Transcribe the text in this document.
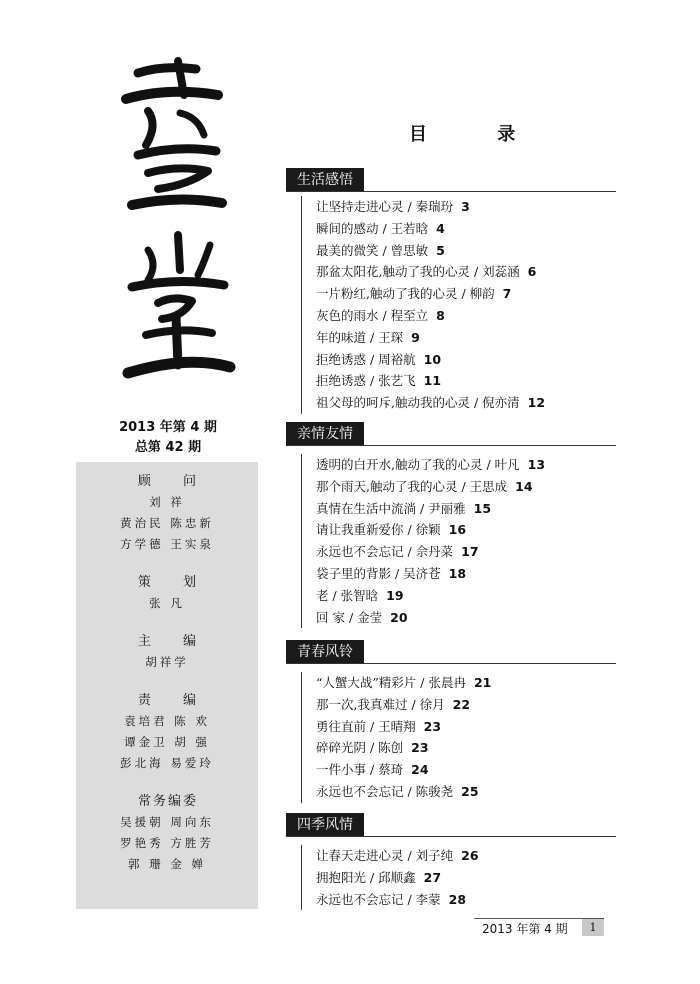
2013 年第 4 期
总第 42 期
顾 问
刘 祥
黄治民 陈忠新
方学德 王实泉
策 划
张 凡
主 编
胡祥学
责 编
袁培君 陈 欢
谭金卫 胡 强
彭北海 易爱玲
常务编委
吴援朝 周向东
罗艳秀 方胜芳
郭 珊 金 婵
目 录
生活感悟
让坚持走进心灵 / 秦瑞玢 3
瞬间的感动 / 王若晗 4
最美的微笑 / 曾思敏 5
那盆太阳花,触动了我的心灵 / 刘蕊涵 6
一片粉红,触动了我的心灵 / 柳韵 7
灰色的雨水 / 程至立 8
年的味道 / 王琛 9
拒绝诱惑 / 周裕航 10
拒绝诱惑 / 张艺飞 11
祖父母的呵斥,触动我的心灵 / 倪亦清 12
亲情友情
透明的白开水,触动了我的心灵 / 叶凡 13
那个雨天,触动了我的心灵 / 王思成 14
真情在生活中流淌 / 尹丽雅 15
请让我重新爱你 / 徐颖 16
永远也不会忘记 / 佘丹菜 17
袋子里的背影 / 吴济苍 18
老 / 张智晗 19
回 家 / 金莹 20
青春风铃
“人蟹大战”精彩片 / 张晨冉 21
那一次,我真难过 / 徐月 22
勇往直前 / 王晴翔 23
碎碎光阴 / 陈创 23
一件小事 / 蔡琦 24
永远也不会忘记 / 陈骏尧 25
四季风情
让春天走进心灵 / 刘子纯 26
拥抱阳光 / 邱顺鑫 27
永远也不会忘记 / 李蒙 28
2013 年第 4 期	1
